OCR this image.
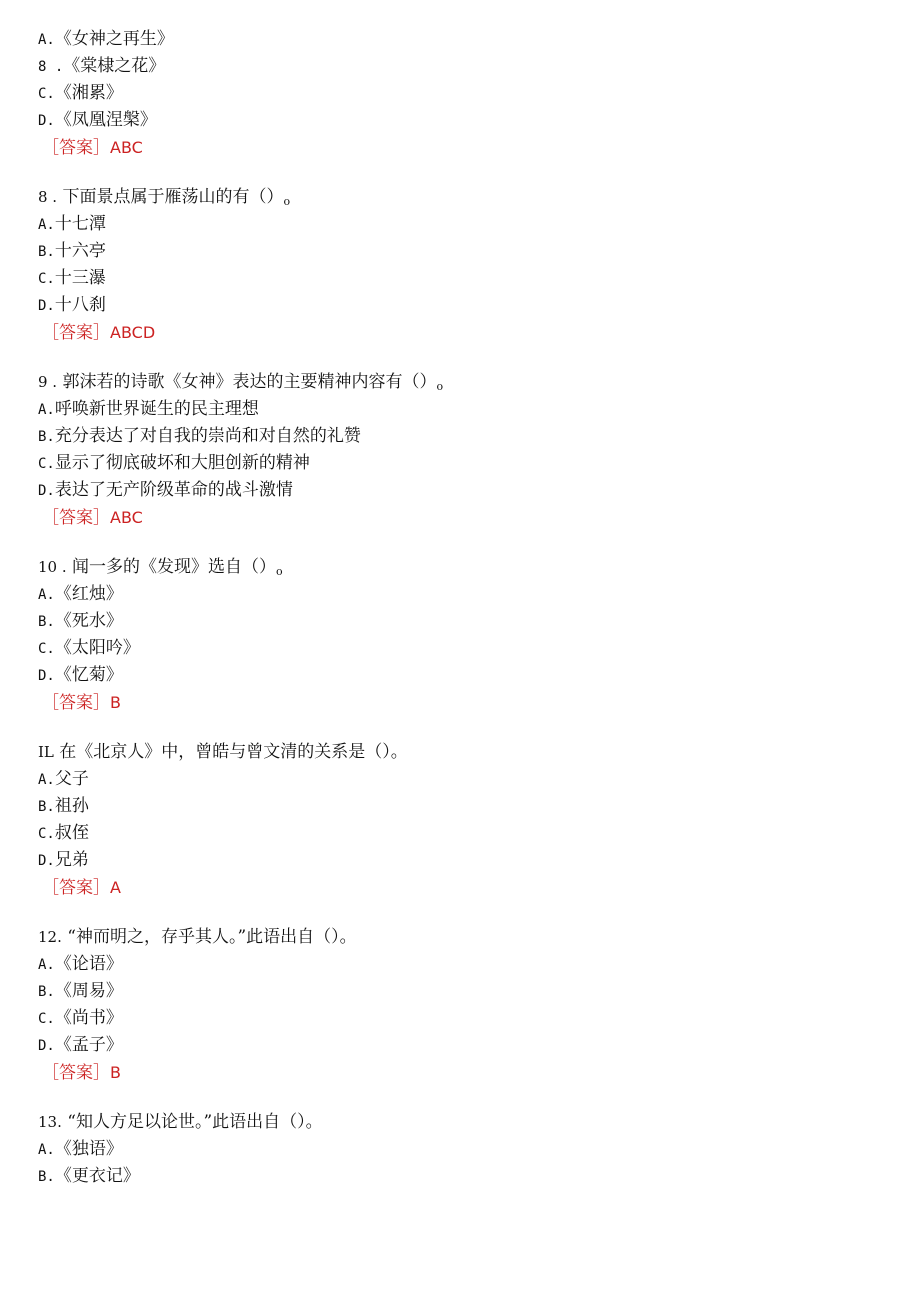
A.《女神之再生》
8 .《棠棣之花》
C.《湘累》
D.《凤凰涅槃》
［答案］ABC
8 . 下面景点属于雁荡山的有（）o
A.十七潭
B.十六亭
C.十三瀑
D.十八刹
［答案］ABCD
9 . 郭沫若的诗歌《女神》表达的主要精神内容有（）o
A.呼唤新世界诞生的民主理想
B.充分表达了对自我的崇尚和对自然的礼赞
C.显示了彻底破坏和大胆创新的精神
D.表达了无产阶级革命的战斗激情
［答案］ABC
10 . 闻一多的《发现》选自（）o
A.《红烛》
B.《死水》
C.《太阳吟》
D.《忆菊》
［答案］B
IL 在《北京人》中，曾皓与曾文清的关系是（）。
A.父子
B.祖孙
C.叔侄
D.兄弟
［答案］A
12. “神而明之，存乎其人。”此语出自（）。
A.《论语》
B.《周易》
C.《尚书》
D.《孟子》
［答案］B
13. “知人方足以论世。”此语出自（）。
A.《独语》
B.《更衣记》
